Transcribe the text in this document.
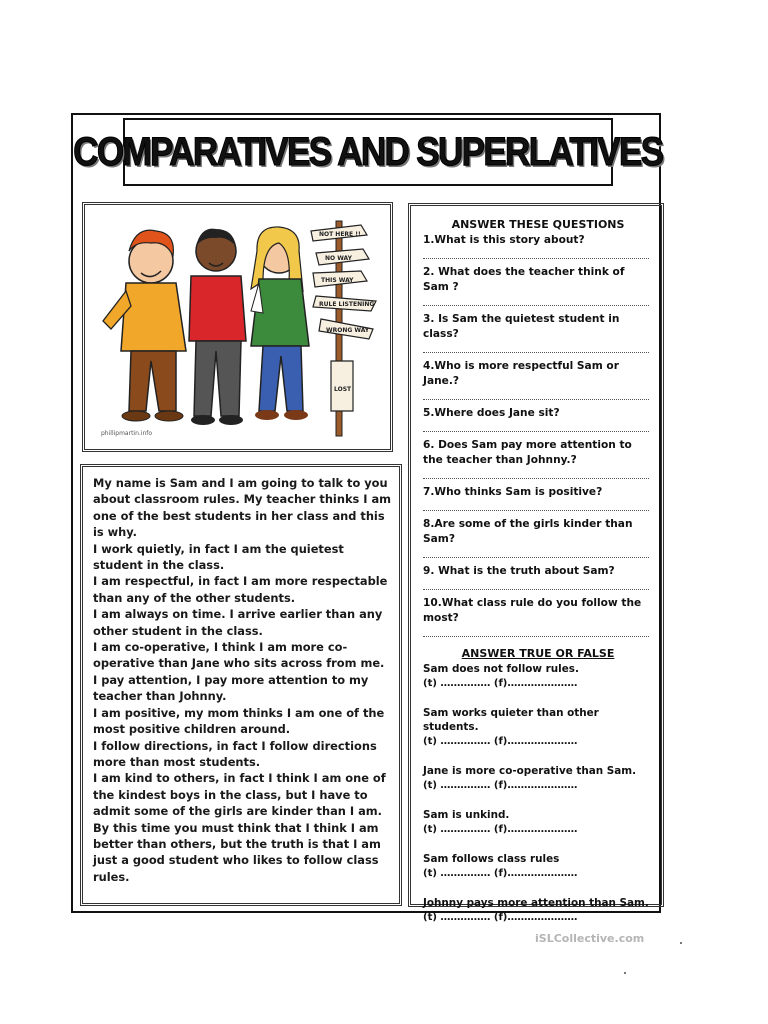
COMPARATIVES AND SUPERLATIVES
NOT HERE !!
NO WAY
THIS WAY
RULE LISTENING
WRONG WAY
LOST
phillipmartin.info

My name is Sam and I am going to talk to you about classroom rules. My teacher thinks I am one of the best students in her class and this is why.

I work quietly, in fact I am the quietest student in the class.

I am respectful, in fact I am more respectable than any of the other students.

I am always on time. I arrive earlier than any other student in the class.

I am co-operative, I think I am more co-operative than Jane who sits across from me.

I pay attention, I pay more attention to my teacher than Johnny.

I am positive, my mom thinks I am one of the most positive children around.

I follow directions, in fact I follow directions more than most students.

I am kind to others, in fact I think I am one of the kindest boys in the class, but I have to admit some of the girls are kinder than I am.

By this time you must think that I think I am better than others, but the truth is that I am just a good student who likes to follow class rules.

ANSWER THESE QUESTIONS
1.What is this story about?
2. What does the teacher think of Sam ?
3. Is Sam the quietest student in class?
4.Who is more respectful Sam or Jane.?
5.Where does Jane sit?
6. Does Sam pay more attention to the teacher than Johnny.?
7.Who thinks Sam is positive?
8.Are some of the girls kinder than Sam?
9. What is the truth about Sam?
10.What class rule do you follow the most?
ANSWER TRUE OR FALSE
Sam does not follow rules.
(t) …………… (f)…………………
Sam works quieter than other students.
(t) …………… (f)…………………
Jane is more co-operative than Sam.
(t) …………… (f)…………………
Sam is unkind.
(t) …………… (f)…………………
Sam follows class rules
(t) …………… (f)…………………
Johnny pays more attention than Sam.
(t) …………… (f)…………………
iSLCollective.com
